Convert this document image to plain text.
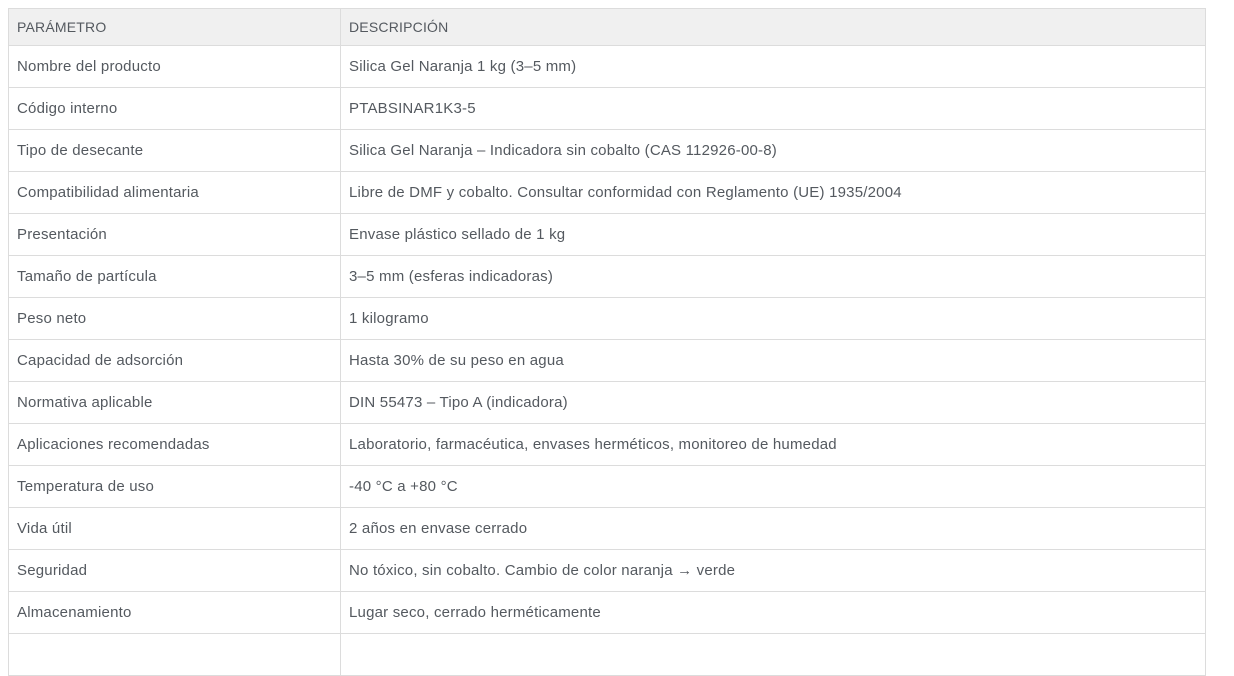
PARÁMETRO	DESCRIPCIÓN
Nombre del producto	Silica Gel Naranja 1 kg (3–5 mm)
Código interno	PTABSINAR1K3-5
Tipo de desecante	Silica Gel Naranja – Indicadora sin cobalto (CAS 112926-00-8)
Compatibilidad alimentaria	Libre de DMF y cobalto. Consultar conformidad con Reglamento (UE) 1935/2004
Presentación	Envase plástico sellado de 1 kg
Tamaño de partícula	3–5 mm (esferas indicadoras)
Peso neto	1 kilogramo
Capacidad de adsorción	Hasta 30% de su peso en agua
Normativa aplicable	DIN 55473 – Tipo A (indicadora)
Aplicaciones recomendadas	Laboratorio, farmacéutica, envases herméticos, monitoreo de humedad
Temperatura de uso	-40 °C a +80 °C
Vida útil	2 años en envase cerrado
Seguridad	No tóxico, sin cobalto. Cambio de color naranja → verde
Almacenamiento	Lugar seco, cerrado herméticamente
